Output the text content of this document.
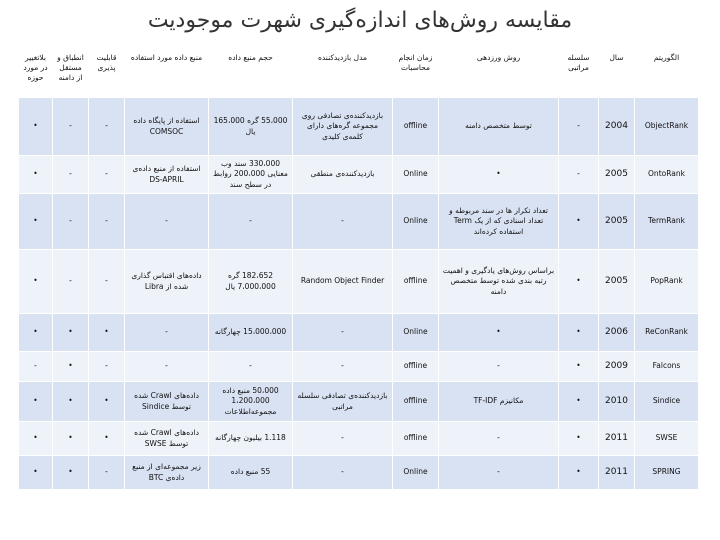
مقایسه روش‌های اندازه‌گیری شهرت موجودیت
الگوریتم	سال	سلسله مراتبی	روش ورزدهی	زمان انجام محاسبات	مدل بازدیدکننده	حجم منبع داده	منبع داده مورد استفاده	قابلیت پذیری	انطباق و مستقل از دامنه	بلاتغییر در مورد حوزه
ObjectRank	2004	-	توسط متخصص دامنه	offline	بازدیدکننده‌ی تصادفی روی مجموعه گره‌های دارای کلمه‌ی کلیدی	55،000 گره 165،000 یال	استفاده از پایگاه داده COMSOC	-	-	•
OntoRank	2005	-	•	Online	بازدیدکننده‌ی منطقی	330،000 سند وب معنایی 200،000 روابط در سطح سند	استفاده از منبع داده‌ی DS-APRIL	-	-	•
TermRank	2005	•	تعداد تکرار ها در سند مربوطه و تعداد اسنادی که از یک Term استفاده کرده‌اند	Online	-	-	-	-	-	•
PopRank	2005	•	براساس روش‌های یادگیری و اهمیت رتبه بندی شده توسط متخصص دامنه	offline	Random Object Finder	182،652 گره 7،000،000 یال	داده‌های اقتباس گذاری شده از Libra	-	-	•
ReConRank	2006	•	•	Online	-	15،000،000 چهارگانه	-	•	•	•
Falcons	2009	•	-	offline	-	-	-	-	•	-
Sindice	2010	•	مکانیزم TF-IDF	offline	بازدیدکننده‌ی تصادفی سلسله مراتبی	50،000 منبع داده 1،200،000 مجموعه‌اطلاعات	داده‌های Crawl شده توسط Sindice	•	•	•
SWSE	2011	•	-	offline	-	1.118 بیلیون چهارگانه	داده‌های Crawl شده توسط SWSE	•	•	•
SPRING	2011	•	-	Online	-	55 منبع داده	زیر مجموعه‌ای از منبع داده‌ی BTC	-	•	•
